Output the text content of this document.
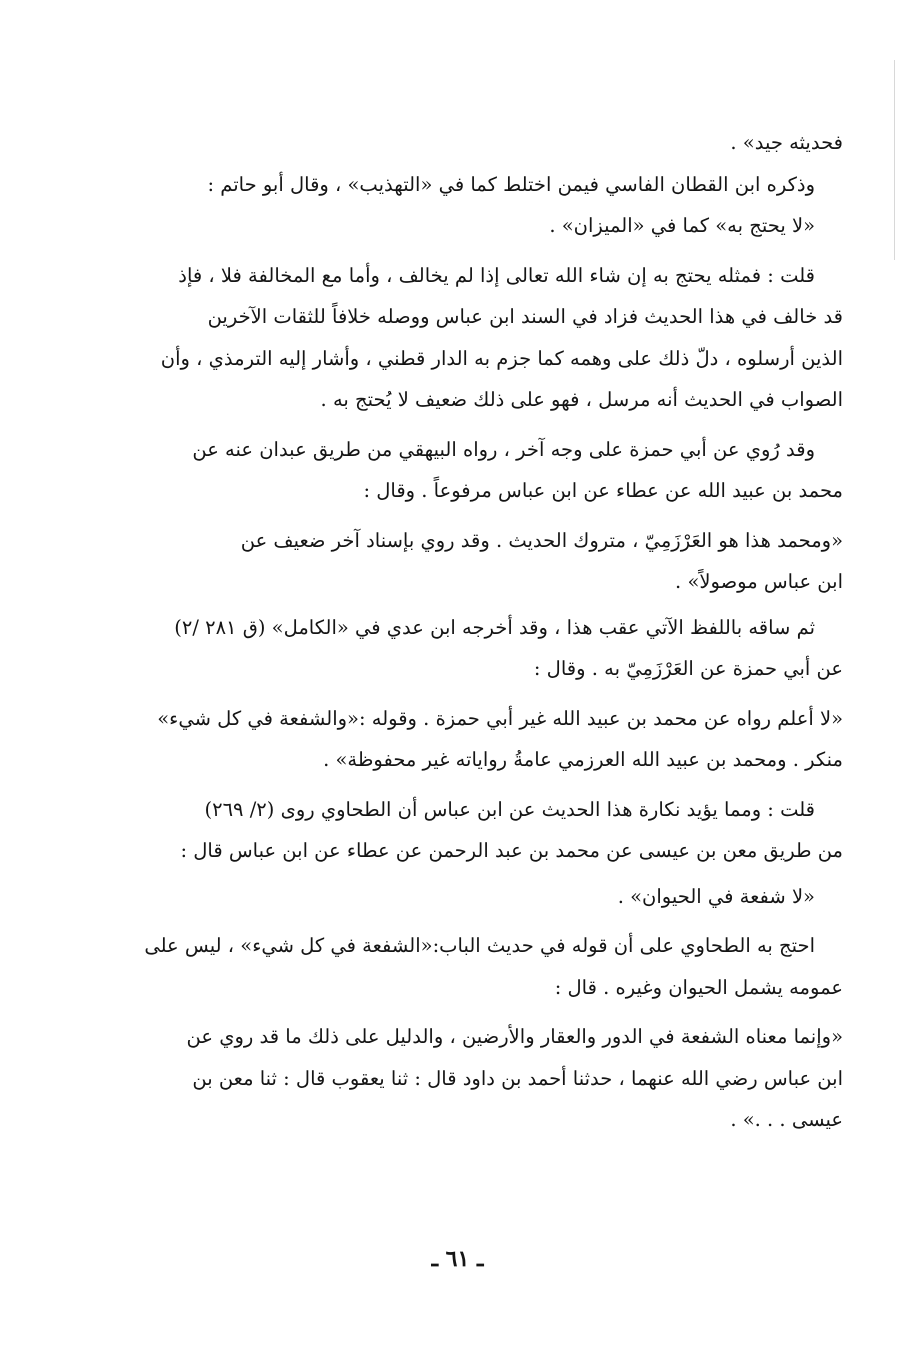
فحديثه جيد» .
وذكره ابن القطان الفاسي فيمن اختلط كما في «التهذيب» ، وقال أبو حاتم :
«لا يحتج به» كما في «الميزان» .
قلت : فمثله يحتج به إن شاء الله تعالى إذا لم يخالف ، وأما مع المخالفة فلا ، فإذ
قد خالف في هذا الحديث فزاد في السند ابن عباس ووصله خلافاً للثقات الآخرين
الذين أرسلوه ، دلّ ذلك على وهمه كما جزم به الدار قطني ، وأشار إليه الترمذي ، وأن
الصواب في الحديث أنه مرسل ، فهو على ذلك ضعيف لا يُحتج به .
وقد رُوي عن أبي حمزة على وجه آخر ، رواه البيهقي من طريق عبدان عنه عن
محمد بن عبيد الله عن عطاء عن ابن عباس مرفوعاً . وقال :
«ومحمد هذا هو العَرْزَمِيّ ، متروك الحديث . وقد روي بإسناد آخر ضعيف عن
ابن عباس موصولاً» .
ثم ساقه باللفظ الآتي عقب هذا ، وقد أخرجه ابن عدي في «الكامل» (ق ٢٨١ /٢)
عن أبي حمزة عن العَرْزَمِيّ به . وقال :
«لا أعلم رواه عن محمد بن عبيد الله غير أبي حمزة . وقوله :«والشفعة في كل شيء»
منكر . ومحمد بن عبيد الله العرزمي عامةُ رواياته غير محفوظة» .
قلت : ومما يؤيد نكارة هذا الحديث عن ابن عباس أن الطحاوي روى (٢/ ٢٦٩)
من طريق معن بن عيسى عن محمد بن عبد الرحمن عن عطاء عن ابن عباس قال :
«لا شفعة في الحيوان» .
احتج به الطحاوي على أن قوله في حديث الباب:«الشفعة في كل شيء» ، ليس على
عمومه يشمل الحيوان وغيره . قال :
«وإنما معناه الشفعة في الدور والعقار والأرضين ، والدليل على ذلك ما قد روي عن
ابن عباس رضي الله عنهما ، حدثنا أحمد بن داود قال : ثنا يعقوب قال : ثنا معن بن
عيسى . . .» .
ـ ٦١ ـ
